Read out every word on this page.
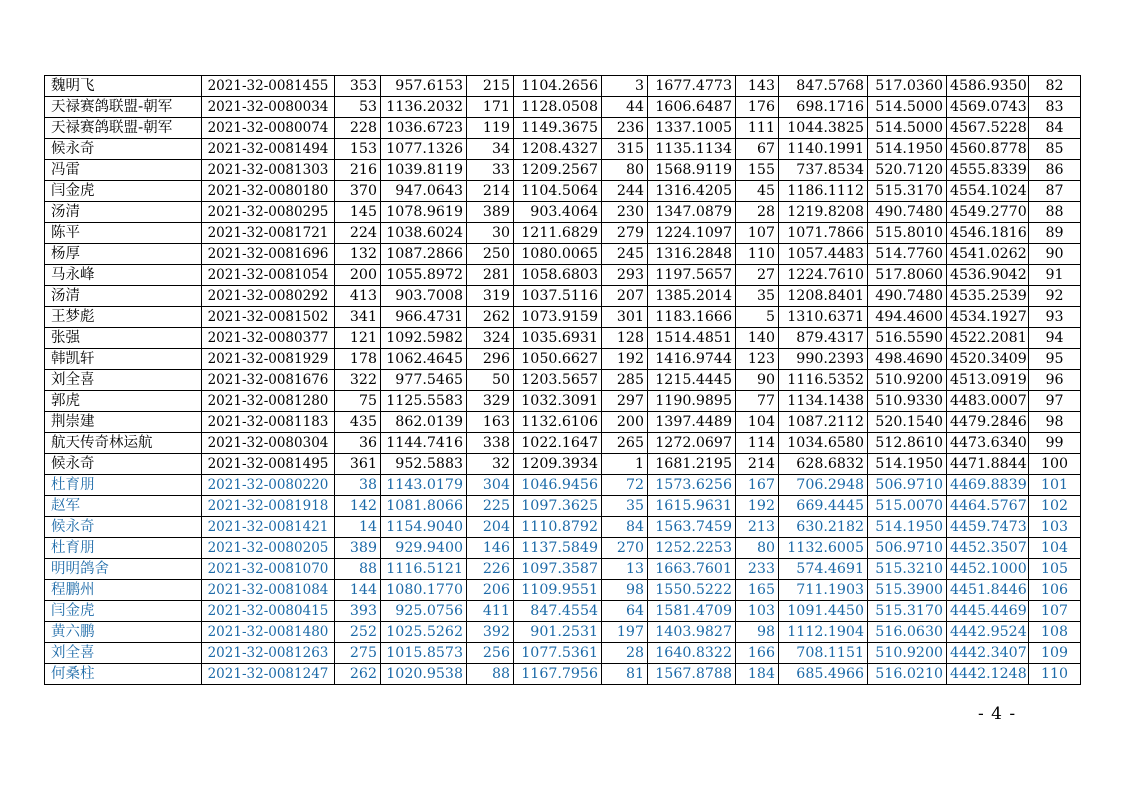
魏明飞	2021-32-0081455	353	957.6153	215	1104.2656	3	1677.4773	143	847.5768	517.0360	4586.9350	82
天禄赛鸽联盟-朝军	2021-32-0080034	53	1136.2032	171	1128.0508	44	1606.6487	176	698.1716	514.5000	4569.0743	83
天禄赛鸽联盟-朝军	2021-32-0080074	228	1036.6723	119	1149.3675	236	1337.1005	111	1044.3825	514.5000	4567.5228	84
候永奇	2021-32-0081494	153	1077.1326	34	1208.4327	315	1135.1134	67	1140.1991	514.1950	4560.8778	85
冯雷	2021-32-0081303	216	1039.8119	33	1209.2567	80	1568.9119	155	737.8534	520.7120	4555.8339	86
闫金虎	2021-32-0080180	370	947.0643	214	1104.5064	244	1316.4205	45	1186.1112	515.3170	4554.1024	87
汤清	2021-32-0080295	145	1078.9619	389	903.4064	230	1347.0879	28	1219.8208	490.7480	4549.2770	88
陈平	2021-32-0081721	224	1038.6024	30	1211.6829	279	1224.1097	107	1071.7866	515.8010	4546.1816	89
杨厚	2021-32-0081696	132	1087.2866	250	1080.0065	245	1316.2848	110	1057.4483	514.7760	4541.0262	90
马永峰	2021-32-0081054	200	1055.8972	281	1058.6803	293	1197.5657	27	1224.7610	517.8060	4536.9042	91
汤清	2021-32-0080292	413	903.7008	319	1037.5116	207	1385.2014	35	1208.8401	490.7480	4535.2539	92
王梦彪	2021-32-0081502	341	966.4731	262	1073.9159	301	1183.1666	5	1310.6371	494.4600	4534.1927	93
张强	2021-32-0080377	121	1092.5982	324	1035.6931	128	1514.4851	140	879.4317	516.5590	4522.2081	94
韩凯轩	2021-32-0081929	178	1062.4645	296	1050.6627	192	1416.9744	123	990.2393	498.4690	4520.3409	95
刘全喜	2021-32-0081676	322	977.5465	50	1203.5657	285	1215.4445	90	1116.5352	510.9200	4513.0919	96
郭虎	2021-32-0081280	75	1125.5583	329	1032.3091	297	1190.9895	77	1134.1438	510.9330	4483.0007	97
荆崇建	2021-32-0081183	435	862.0139	163	1132.6106	200	1397.4489	104	1087.2112	520.1540	4479.2846	98
航天传奇林运航	2021-32-0080304	36	1144.7416	338	1022.1647	265	1272.0697	114	1034.6580	512.8610	4473.6340	99
候永奇	2021-32-0081495	361	952.5883	32	1209.3934	1	1681.2195	214	628.6832	514.1950	4471.8844	100
杜育朋	2021-32-0080220	38	1143.0179	304	1046.9456	72	1573.6256	167	706.2948	506.9710	4469.8839	101
赵军	2021-32-0081918	142	1081.8066	225	1097.3625	35	1615.9631	192	669.4445	515.0070	4464.5767	102
候永奇	2021-32-0081421	14	1154.9040	204	1110.8792	84	1563.7459	213	630.2182	514.1950	4459.7473	103
杜育朋	2021-32-0080205	389	929.9400	146	1137.5849	270	1252.2253	80	1132.6005	506.9710	4452.3507	104
明明鸽舍	2021-32-0081070	88	1116.5121	226	1097.3587	13	1663.7601	233	574.4691	515.3210	4452.1000	105
程鹏州	2021-32-0081084	144	1080.1770	206	1109.9551	98	1550.5222	165	711.1903	515.3900	4451.8446	106
闫金虎	2021-32-0080415	393	925.0756	411	847.4554	64	1581.4709	103	1091.4450	515.3170	4445.4469	107
黄六鹏	2021-32-0081480	252	1025.5262	392	901.2531	197	1403.9827	98	1112.1904	516.0630	4442.9524	108
刘全喜	2021-32-0081263	275	1015.8573	256	1077.5361	28	1640.8322	166	708.1151	510.9200	4442.3407	109
何桑柱	2021-32-0081247	262	1020.9538	88	1167.7956	81	1567.8788	184	685.4966	516.0210	4442.1248	110
- 4 -
